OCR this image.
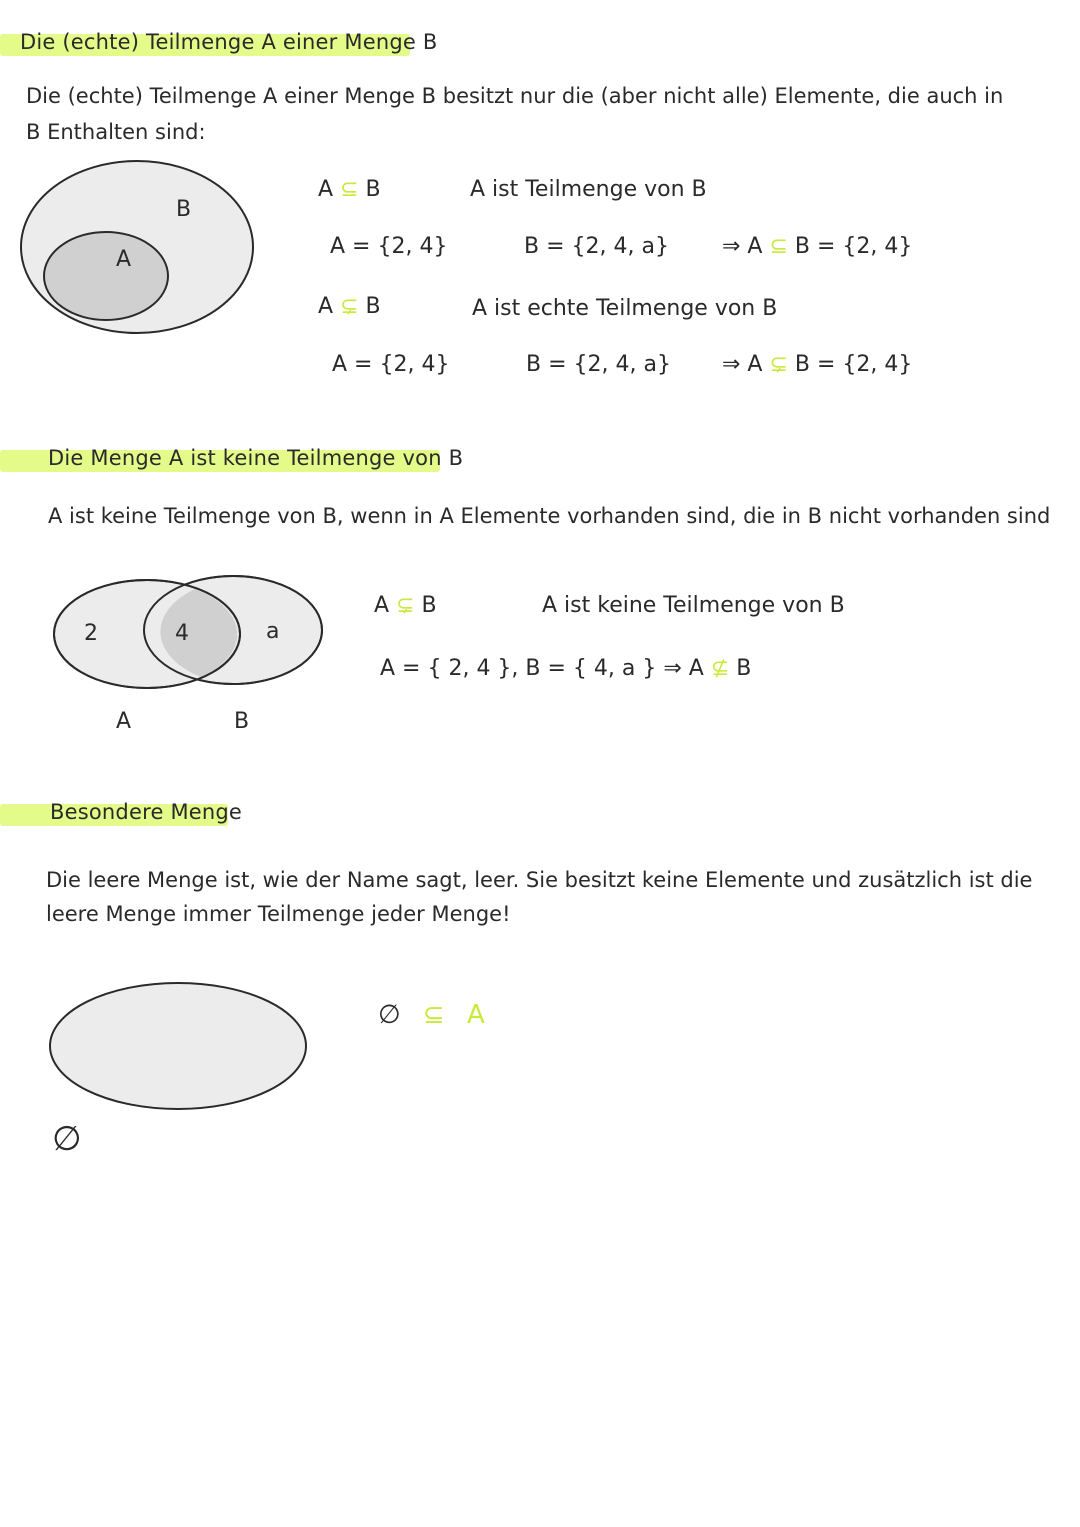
Die (echte) Teilmenge A einer Menge B
Die (echte) Teilmenge A einer Menge B besitzt nur die (aber nicht alle) Elemente, die auch in
B Enthalten sind:
B
A
A ⊆ B	A ist Teilmenge von B
A = {2, 4}	B = {2, 4, a} ⇒ A ⊆ B = {2, 4}
A ⊊ B	A ist echte Teilmenge von B
A = {2, 4}	B = {2, 4, a} ⇒ A ⊊ B = {2, 4}
Die Menge A ist keine Teilmenge von B
A ist keine Teilmenge von B, wenn in A Elemente vorhanden sind, die in B nicht vorhanden sind
2	4	a
A	B
A ⊊ B	A ist keine Teilmenge von B
A = { 2, 4 }, B = { 4, a } ⇒ A ⊈ B
Besondere Menge
Die leere Menge ist, wie der Name sagt, leer. Sie besitzt keine Elemente und zusätzlich ist die
leere Menge immer Teilmenge jeder Menge!
∅
∅ ⊆ A
